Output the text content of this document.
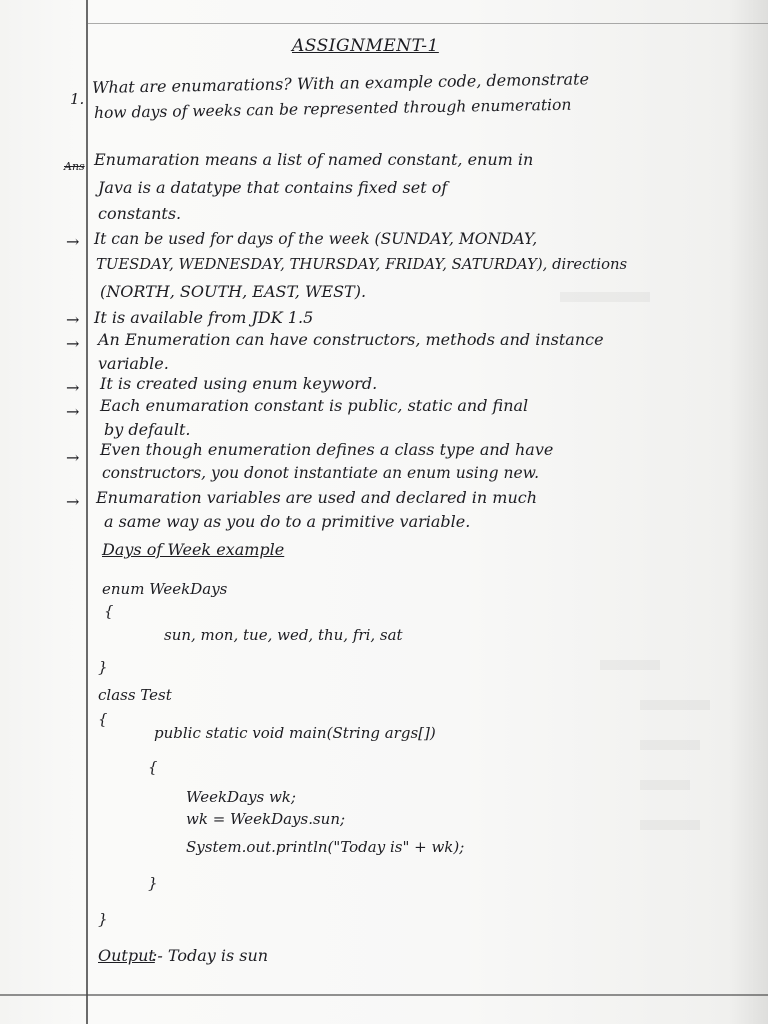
ASSIGNMENT-1

1.

What are enumarations? With an example code, demonstrate

how days of weeks can be represented through enumeration

Ans Enumaration means a list of named constant, enum in

Java is a datatype that contains fixed set of

constants.

→ It can be used for days of the week (SUNDAY, MONDAY,

TUESDAY, WEDNESDAY, THURSDAY, FRIDAY, SATURDAY), directions

(NORTH, SOUTH, EAST, WEST).

→ It is available from JDK 1.5

→ An Enumeration can have constructors, methods and instance

variable.

→ It is created using enum keyword.

→ Each enumaration constant is public, static and final

by default.

→ Even though enumeration defines a class type and have

constructors, you donot instantiate an enum using new.

→ Enumaration variables are used and declared in much

a same way as you do to a primitive variable.

Days of Week example

enum WeekDays

{

sun, mon, tue, wed, thu, fri, sat

}

class Test

{

public static void main(String args[])

{

WeekDays wk;

wk = WeekDays.sun;

System.out.println("Today is" + wk);

}

}

Output

:- Today is sun
